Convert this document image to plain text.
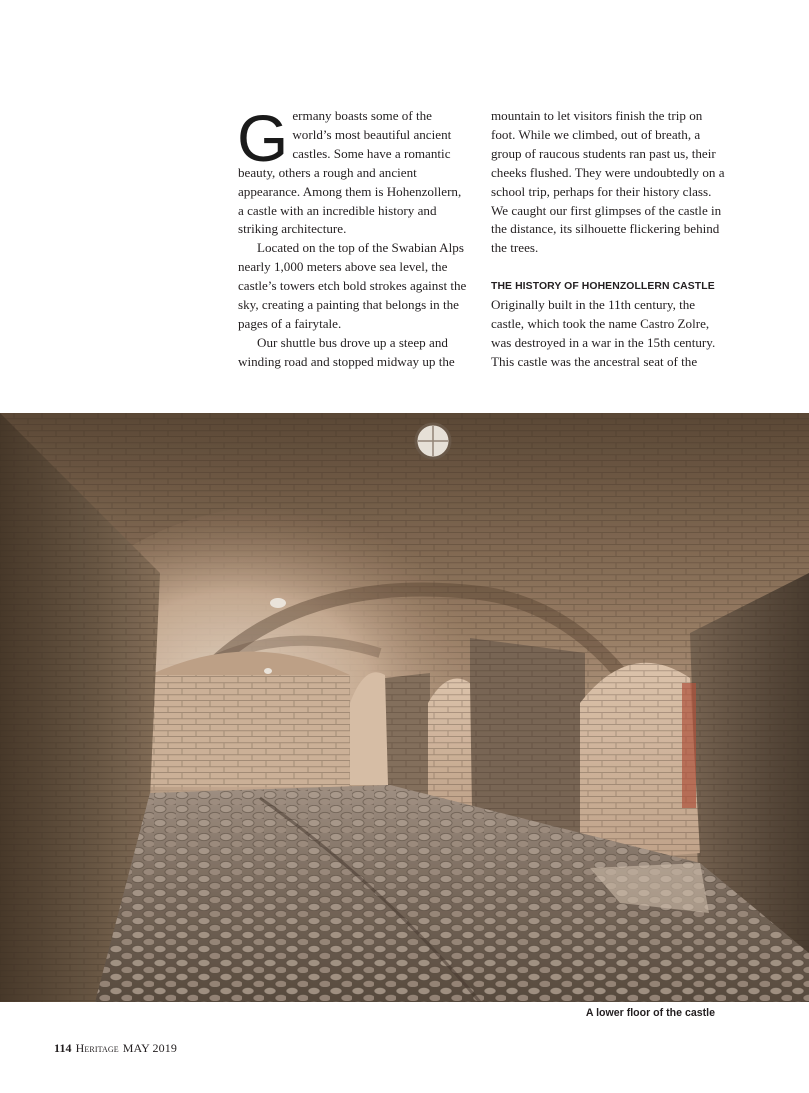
Germany boasts some of the world’s most beautiful ancient castles. Some have a romantic beauty, others a rough and ancient appearance. Among them is Hohenzollern, a castle with an incredible history and striking architecture.

Located on the top of the Swabian Alps nearly 1,000 meters above sea level, the castle’s towers etch bold strokes against the sky, creating a painting that belongs in the pages of a fairytale.

Our shuttle bus drove up a steep and winding road and stopped midway up the

mountain to let visitors finish the trip on foot. While we climbed, out of breath, a group of raucous students ran past us, their cheeks flushed. They were undoubtedly on a school trip, perhaps for their history class. We caught our first glimpses of the castle in the distance, its silhouette flickering behind the trees.

THE HISTORY OF HOHENZOLLERN CASTLE

Originally built in the 11th century, the castle, which took the name Castro Zolre, was destroyed in a war in the 15th century. This castle was the ancestral seat of the

A lower floor of the castle
114 Heritage MAY 2019
